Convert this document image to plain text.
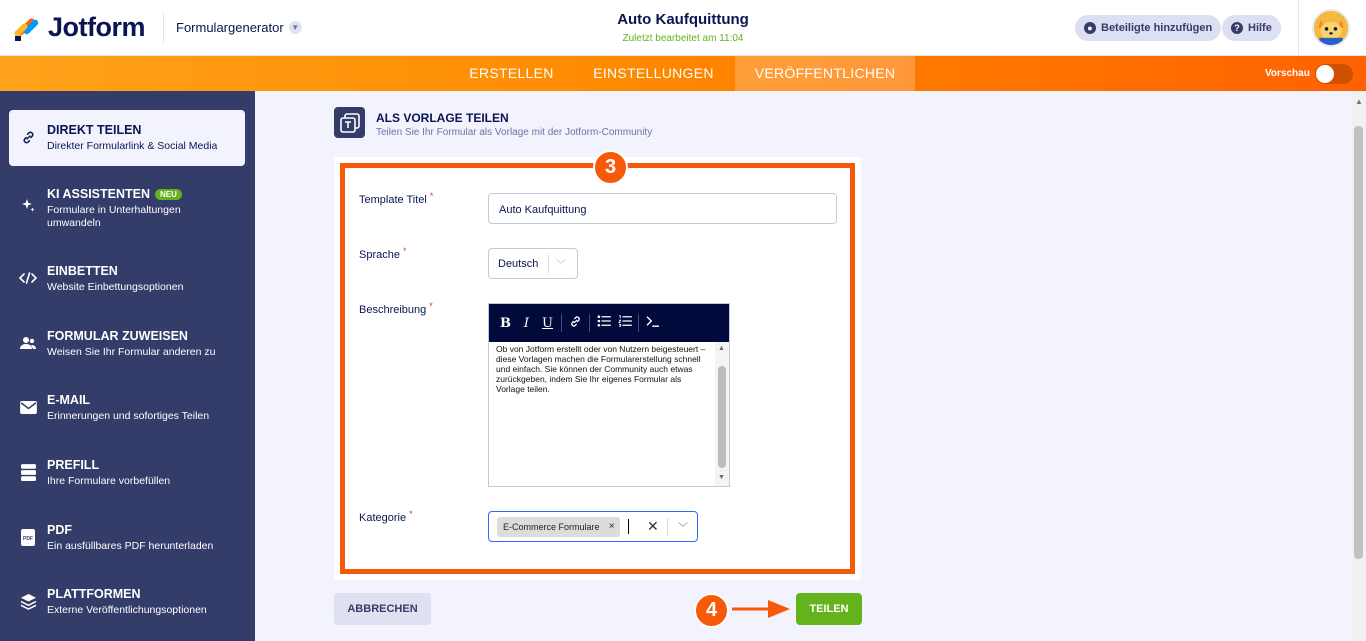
Jotform Formulargenerator ▼	Auto Kaufquittung
Zuletzt bearbeitet am 11:04
● Beteiligte hinzufügen	? Hilfe
ERSTELLEN	EINSTELLUNGEN	VERÖFFENTLICHEN	Vorschau
DIREKT TEILEN
Direkter Formularlink & Social Media
KI ASSISTENTEN	NEU
Formulare in Unterhaltungen umwandeln
EINBETTEN
Website Einbettungsoptionen
FORMULAR ZUWEISEN
Weisen Sie Ihr Formular anderen zu
E-MAIL
Erinnerungen und sofortiges Teilen
PREFILL
Ihre Formulare vorbefüllen
PDF
PDF
Ein ausfüllbares PDF herunterladen
PLATTFORMEN
Externe Veröffentlichungsoptionen
▲
ALS VORLAGE TEILEN
Teilen Sie Ihr Formular als Vorlage mit der Jotform-Community
3
Template Titel *
Auto Kaufquittung
Sprache *
Deutsch ﹀
Beschreibung *
B I U
Ob von Jotform erstellt oder von Nutzern beigesteuert – diese Vorlagen machen die Formularerstellung schnell und einfach. Sie können der Community auch etwas zurückgeben, indem Sie Ihr eigenes Formular als Vorlage teilen.
▲
▼
Kategorie *
E-Commerce Formulare × ✕ ﹀
ABBRECHEN	4	TEILEN
